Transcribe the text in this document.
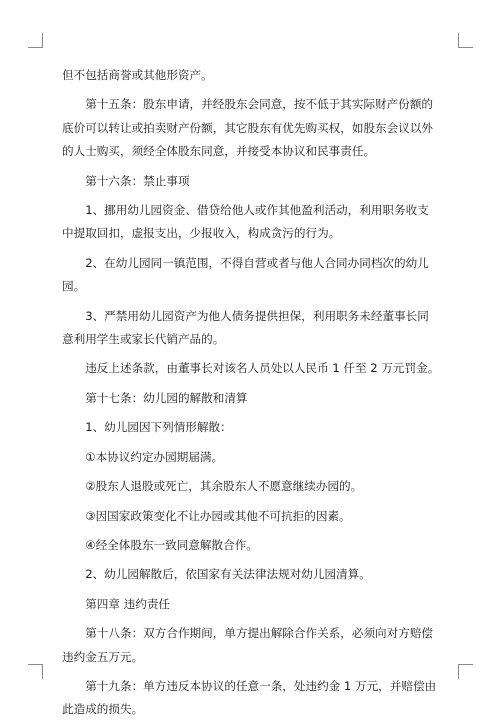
但不包括商誉或其他形资产。

第十五条：股东申请，并经股东会同意，按不低于其实际财产份额的底价可以转让或拍卖财产份额，其它股东有优先购买权，如股东会议以外的人士购买，须经全体股东同意，并接受本协议和民事责任。

第十六条：禁止事项

1、挪用幼儿园资金、借贷给他人或作其他盈利活动，利用职务收支中提取回扣，虚报支出，少报收入，构成贪污的行为。

2、在幼儿园同一镇范围，不得自营或者与他人合同办同档次的幼儿园。

3、严禁用幼儿园资产为他人债务提供担保，利用职务未经董事长同意利用学生或家长代销产品的。

违反上述条款，由董事长对该名人员处以人民币 1 仟至 2 万元罚金。

第十七条：幼儿园的解散和清算

1、幼儿园因下列情形解散：

①本协议约定办园期届满。

②股东人退股或死亡，其余股东人不愿意继续办园的。

③因国家政策变化不让办园或其他不可抗拒的因素。

④经全体股东一致同意解散合作。

2、幼儿园解散后，依国家有关法律法规对幼儿园清算。

第四章 违约责任

第十八条：双方合作期间，单方提出解除合作关系，必须向对方赔偿违约金五万元。

第十九条：单方违反本协议的任意一条，处违约金 1 万元，并赔偿由此造成的损失。
